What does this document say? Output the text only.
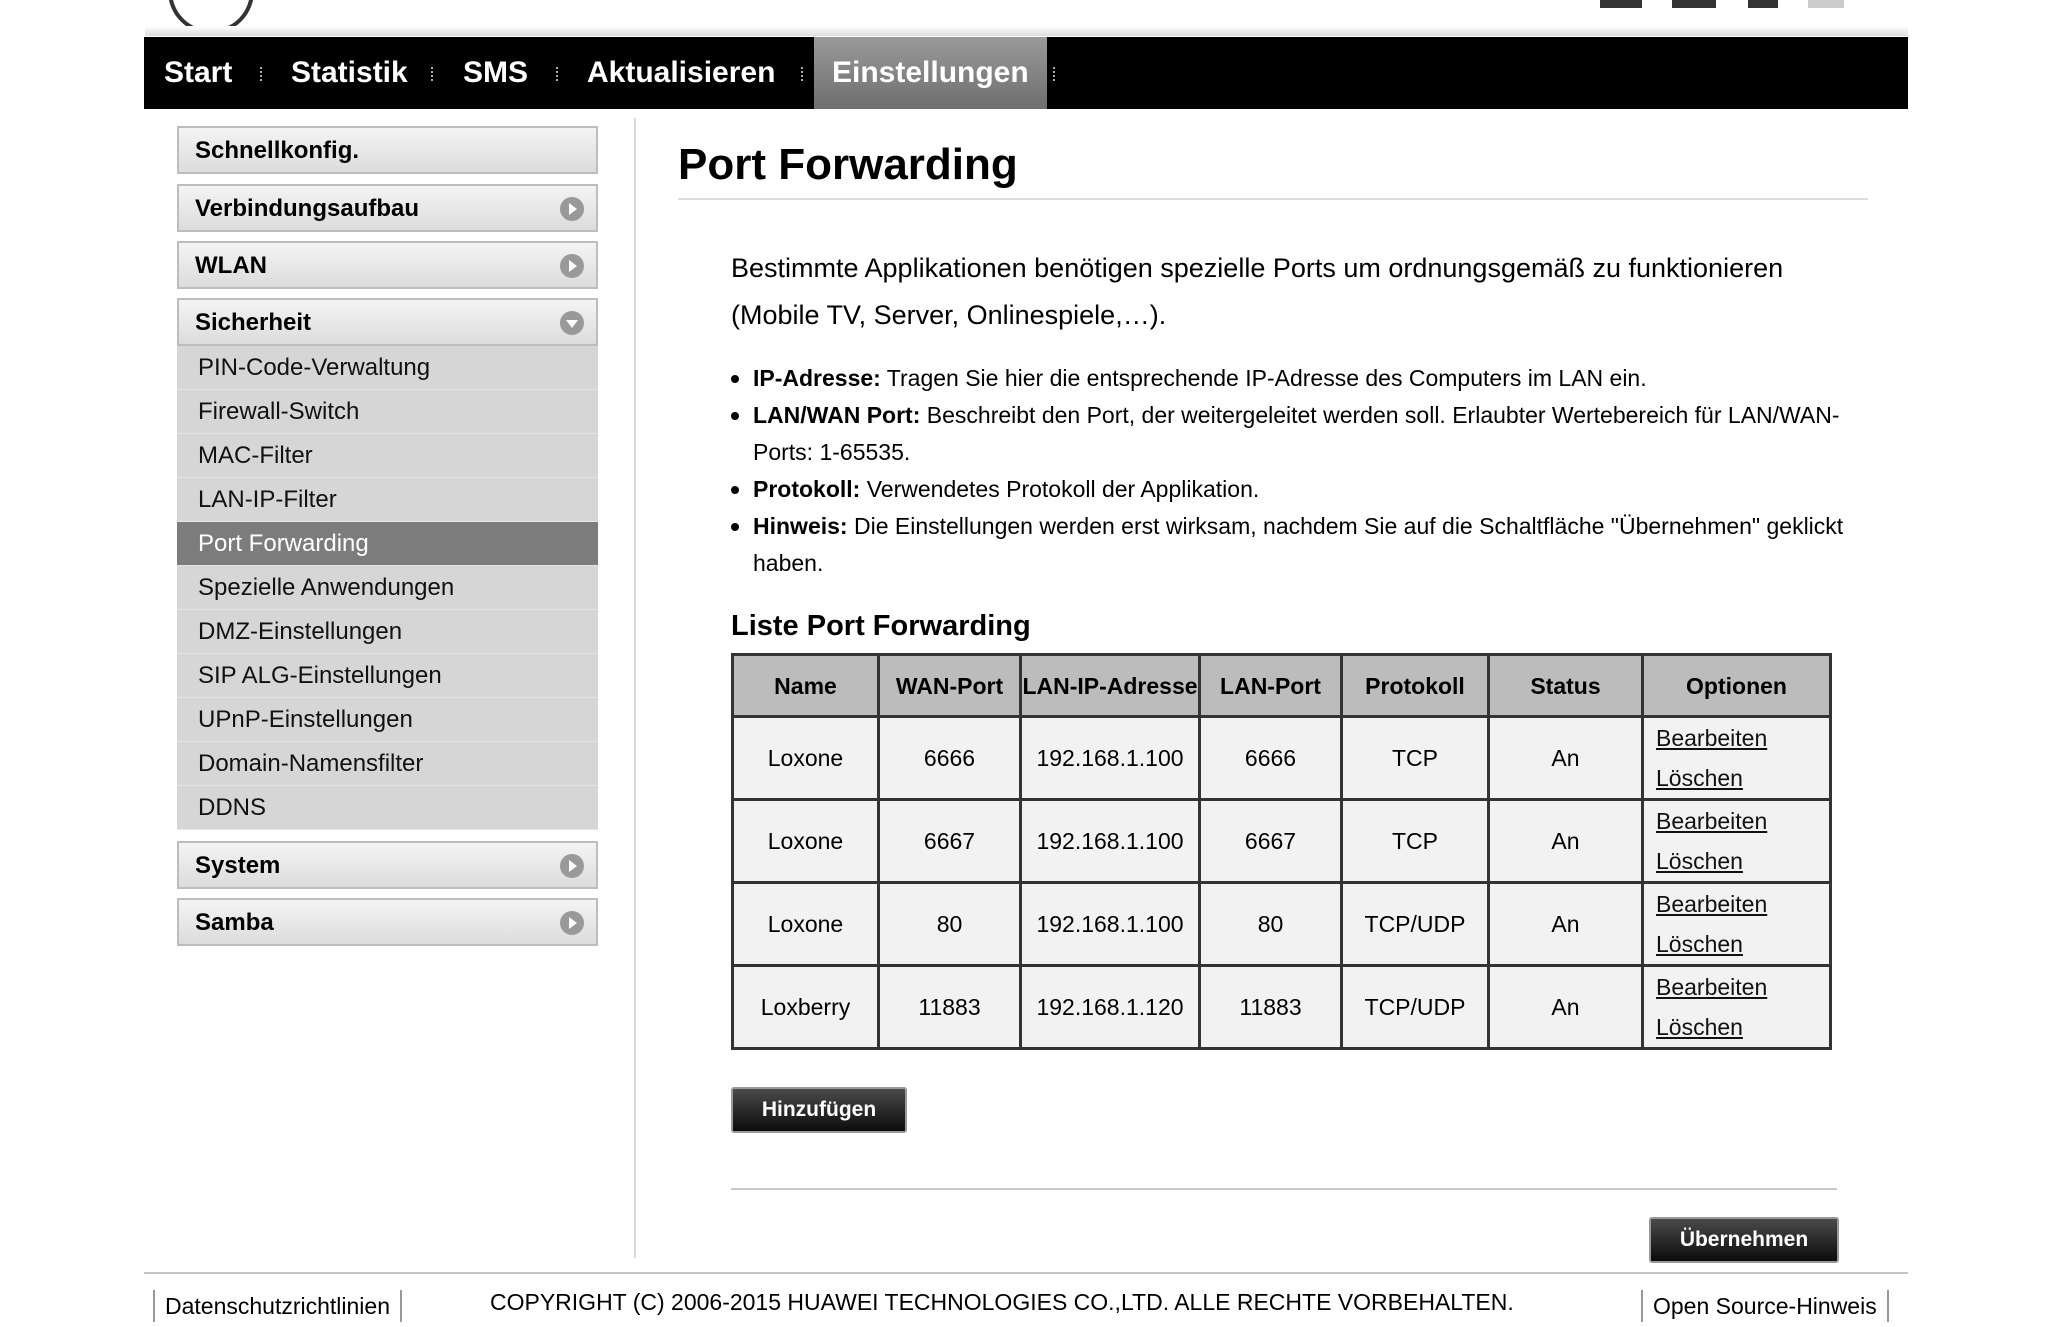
Start Statistik SMS Aktualisieren	Einstellungen
Schnellkonfig.
Verbindungsaufbau
WLAN
Sicherheit
PIN-Code-Verwaltung
Firewall-Switch
MAC-Filter
LAN-IP-Filter
Port Forwarding
Spezielle Anwendungen
DMZ-Einstellungen
SIP ALG-Einstellungen
UPnP-Einstellungen
Domain-Namensfilter
DDNS
System
Samba
Port Forwarding
Bestimmte Applikationen benötigen spezielle Ports um ordnungsgemäß zu funktionieren (Mobile TV, Server, Onlinespiele,…).
IP-Adresse: Tragen Sie hier die entsprechende IP-Adresse des Computers im LAN ein.
LAN/WAN Port: Beschreibt den Port, der weitergeleitet werden soll. Erlaubter Wertebereich für LAN/WAN-Ports: 1-65535.
Protokoll: Verwendetes Protokoll der Applikation.
Hinweis: Die Einstellungen werden erst wirksam, nachdem Sie auf die Schaltfläche "Übernehmen" geklickt haben.
Liste Port Forwarding
Name	WAN-Port	LAN-IP-Adresse	LAN-Port	Protokoll	Status	Optionen
Loxone	6666	192.168.1.100	6666	TCP	An	Bearbeiten
Löschen

Loxone	6667	192.168.1.100	6667	TCP	An	Bearbeiten
Löschen

Loxone	80	192.168.1.100	80	TCP/UDP	An	Bearbeiten
Löschen

Loxberry	11883	192.168.1.120	11883	TCP/UDP	An	Bearbeiten
Löschen
Hinzufügen
Übernehmen
Datenschutzrichtlinien	COPYRIGHT (C) 2006-2015 HUAWEI TECHNOLOGIES CO.,LTD. ALLE RECHTE VORBEHALTEN.	Open Source-Hinweis
